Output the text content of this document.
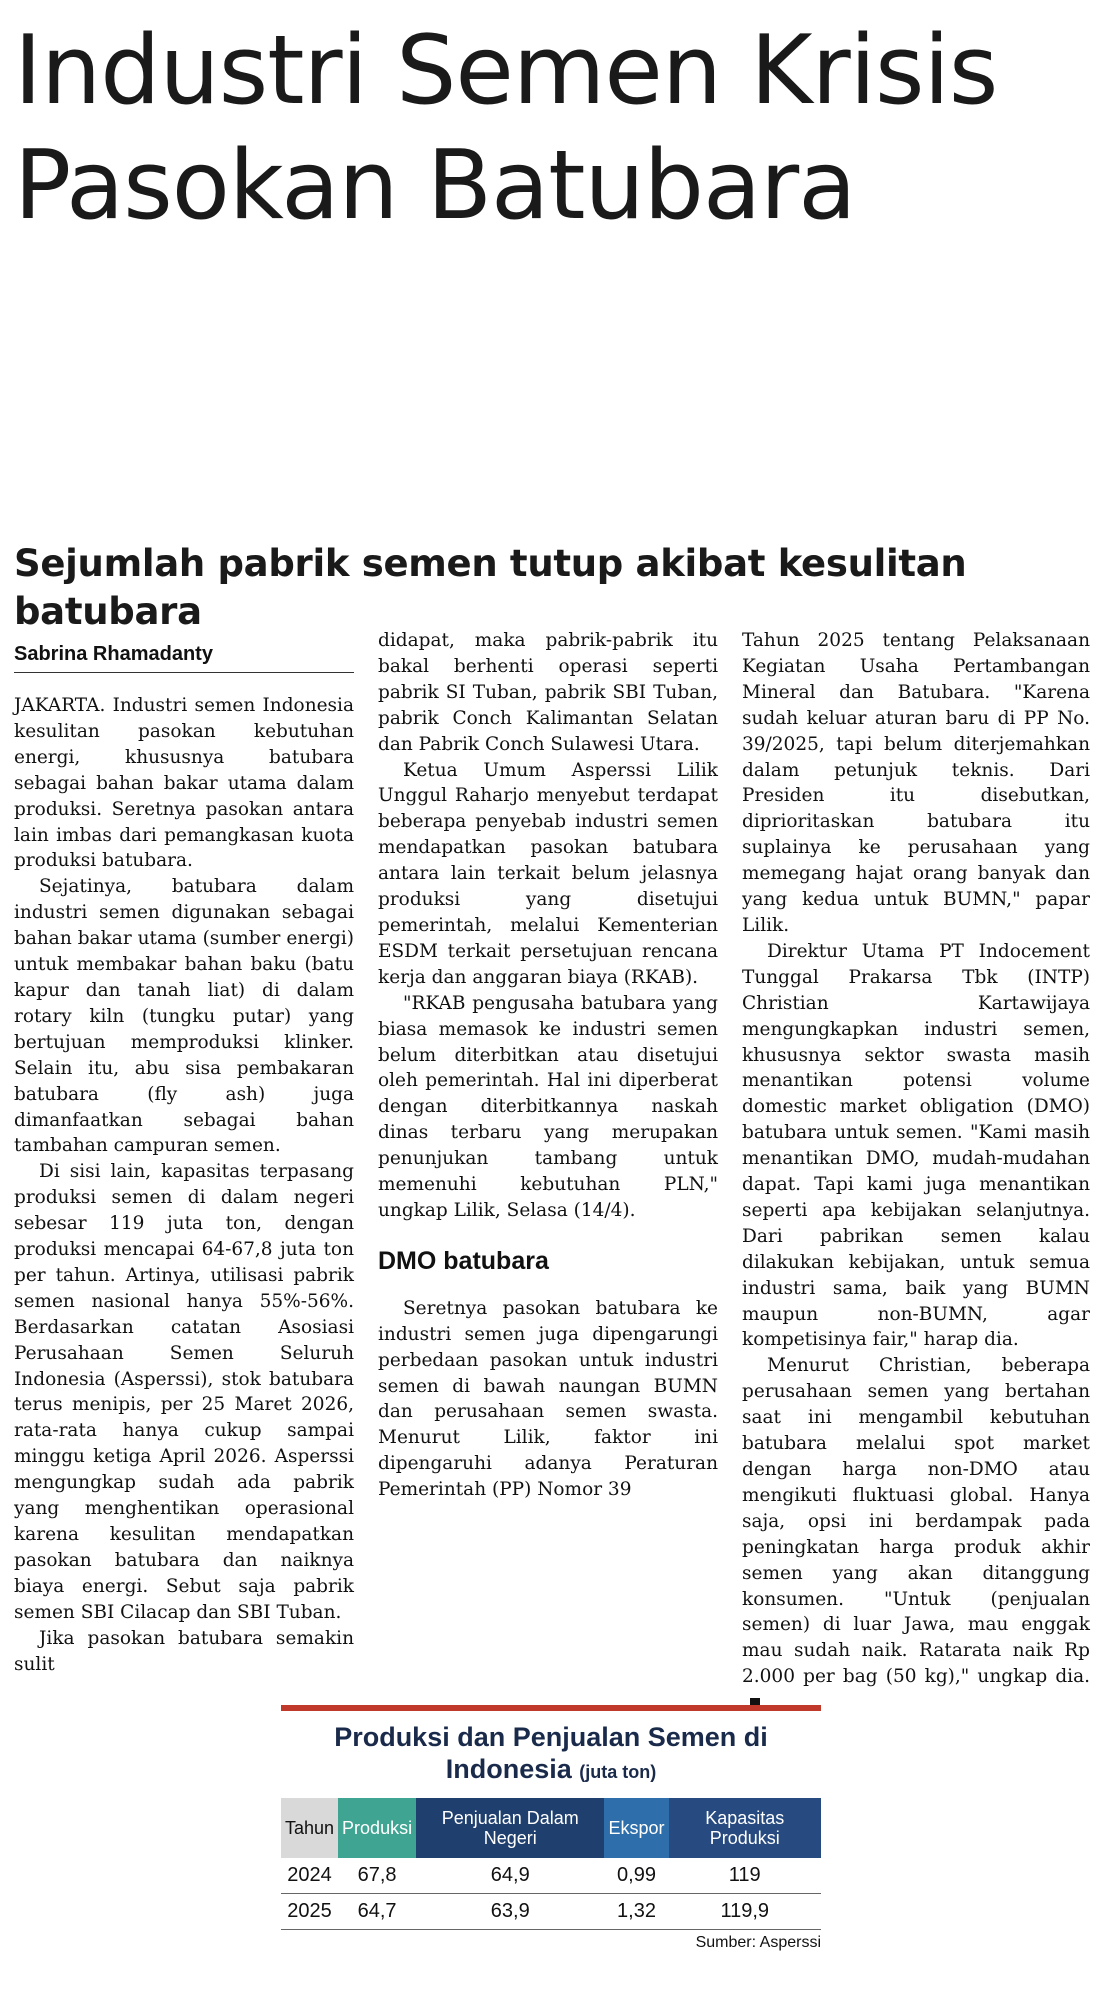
Industri Semen Krisis Pasokan Batubara
Sejumlah pabrik semen tutup akibat kesulitan batubara
Sabrina Rhamadanty

JAKARTA. Industri semen Indonesia kesulitan pasokan kebutuhan energi, khususnya batubara sebagai bahan bakar utama dalam produksi. Seretnya pasokan antara lain imbas dari pemangkasan kuota produksi batubara.

Sejatinya, batubara dalam industri semen digunakan sebagai bahan bakar utama (sumber energi) untuk membakar bahan baku (batu kapur dan tanah liat) di dalam rotary kiln (tungku putar) yang bertujuan memproduksi klinker. Selain itu, abu sisa pembakaran batubara (fly ash) juga dimanfaatkan sebagai bahan tambahan campuran semen.

Di sisi lain, kapasitas terpasang produksi semen di dalam negeri sebesar 119 juta ton, dengan produksi mencapai 64-67,8 juta ton per tahun. Artinya, utilisasi pabrik semen nasional hanya 55%-56%. Berdasarkan catatan Asosiasi Perusahaan Semen Seluruh Indonesia (Asperssi), stok batubara terus menipis, per 25 Maret 2026, rata-rata hanya cukup sampai minggu ketiga April 2026. Asperssi mengungkap sudah ada pabrik yang menghentikan operasional karena kesulitan mendapatkan pasokan batubara dan naiknya biaya energi. Sebut saja pabrik semen SBI Cilacap dan SBI Tuban.

Jika pasokan batubara semakin sulit

didapat, maka pabrik-pabrik itu bakal berhenti operasi seperti pabrik SI Tuban, pabrik SBI Tuban, pabrik Conch Kalimantan Selatan dan Pabrik Conch Sulawesi Utara.

Ketua Umum Asperssi Lilik Unggul Raharjo menyebut terdapat beberapa penyebab industri semen mendapatkan pasokan batubara antara lain terkait belum jelasnya produksi yang disetujui pemerintah, melalui Kementerian ESDM terkait persetujuan rencana kerja dan anggaran biaya (RKAB).

"RKAB pengusaha batubara yang biasa memasok ke industri semen belum diterbitkan atau disetujui oleh pemerintah. Hal ini diperberat dengan diterbitkannya naskah dinas terbaru yang merupakan penunjukan tambang untuk memenuhi kebutuhan PLN," ungkap Lilik, Selasa (14/4).

DMO batubara

Seretnya pasokan batubara ke industri semen juga dipengarungi perbedaan pasokan untuk industri semen di bawah naungan BUMN dan perusahaan semen swasta. Menurut Lilik, faktor ini dipengaruhi adanya Peraturan Pemerintah (PP) Nomor 39

Tahun 2025 tentang Pelaksanaan Kegiatan Usaha Pertambangan Mineral dan Batubara. "Karena sudah keluar aturan baru di PP No. 39/2025, tapi belum diterjemahkan dalam petunjuk teknis. Dari Presiden itu disebutkan, diprioritaskan batubara itu suplainya ke perusahaan yang memegang hajat orang banyak dan yang kedua untuk BUMN," papar Lilik.

Direktur Utama PT Indocement Tunggal Prakarsa Tbk (INTP) Christian Kartawijaya mengungkapkan industri semen, khususnya sektor swasta masih menantikan potensi volume domestic market obligation (DMO) batubara untuk semen. "Kami masih menantikan DMO, mudah-mudahan dapat. Tapi kami juga menantikan seperti apa kebijakan selanjutnya. Dari pabrikan semen kalau dilakukan kebijakan, untuk semua industri sama, baik yang BUMN maupun non-BUMN, agar kompetisinya fair," harap dia.

Menurut Christian, beberapa perusahaan semen yang bertahan saat ini mengambil kebutuhan batubara melalui spot market dengan harga non-DMO atau mengikuti fluktuasi global. Hanya saja, opsi ini berdampak pada peningkatan harga produk akhir semen yang akan ditanggung konsumen. "Untuk (penjualan semen) di luar Jawa, mau enggak mau sudah naik. Ratarata naik Rp 2.000 per bag (50 kg)," ungkap dia.

Produksi dan Penjualan Semen di Indonesia (juta ton)
Tahun	Produksi	Penjualan Dalam Negeri	Ekspor	Kapasitas Produksi
2024	67,8	64,9	0,99	119
2025	64,7	63,9	1,32	119,9
Sumber: Asperssi
